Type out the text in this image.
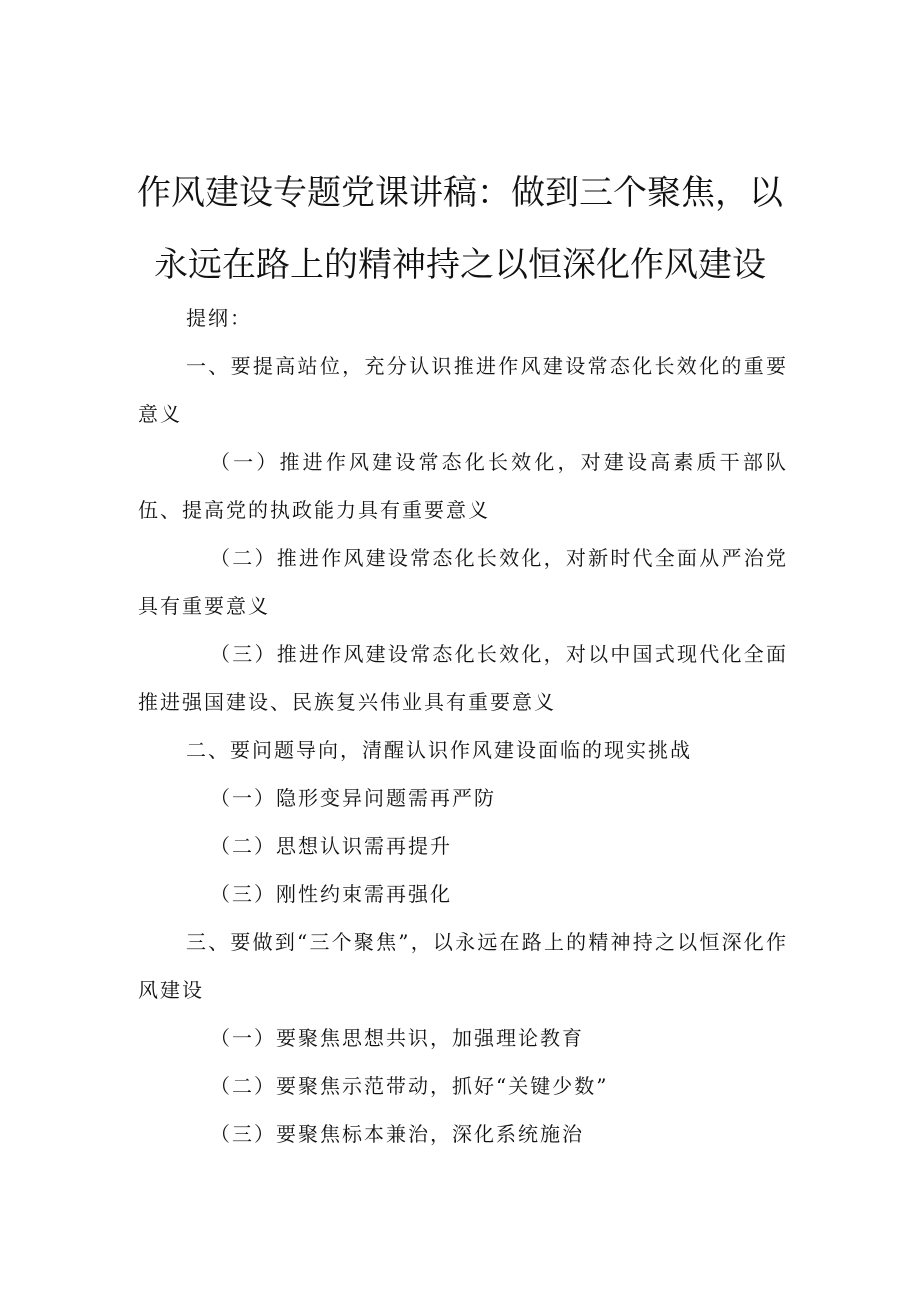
作风建设专题党课讲稿：做到三个聚焦，以
永远在路上的精神持之以恒深化作风建设

提纲：

一、要提高站位，充分认识推进作风建设常态化长效化的重要意义

（一）推进作风建设常态化长效化，对建设高素质干部队伍、提高党的执政能力具有重要意义

（二）推进作风建设常态化长效化，对新时代全面从严治党具有重要意义

（三）推进作风建设常态化长效化，对以中国式现代化全面推进强国建设、民族复兴伟业具有重要意义

二、要问题导向，清醒认识作风建设面临的现实挑战

（一）隐形变异问题需再严防

（二）思想认识需再提升

（三）刚性约束需再强化

三、要做到“三个聚焦”，以永远在路上的精神持之以恒深化作风建设

（一）要聚焦思想共识，加强理论教育

（二）要聚焦示范带动，抓好“关键少数”

（三）要聚焦标本兼治，深化系统施治
